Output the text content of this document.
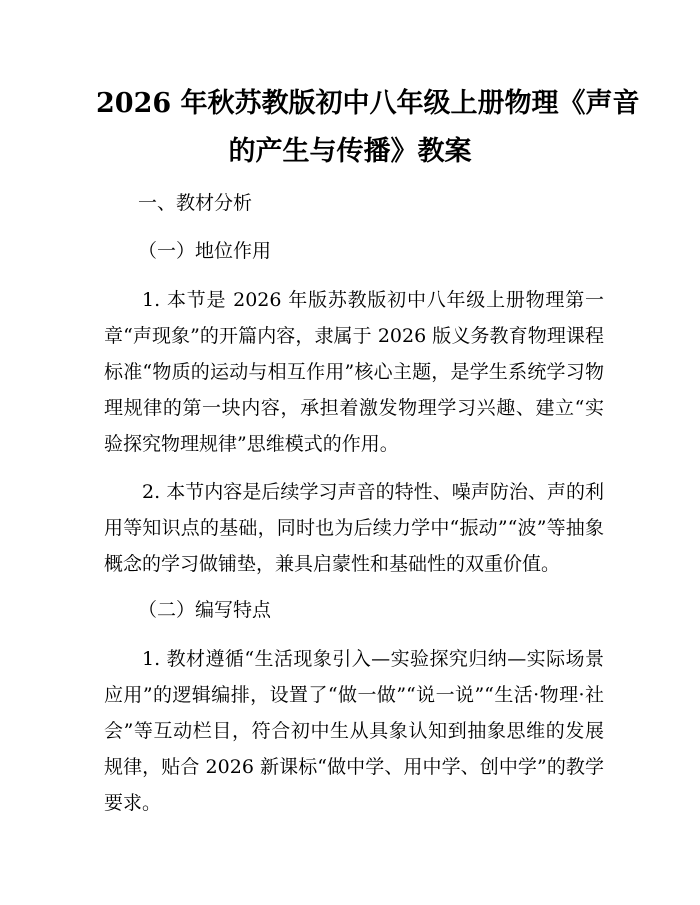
2026 年秋苏教版初中八年级上册物理《声音
的产生与传播》教案
一、教材分析
（一）地位作用
1. 本节是 2026 年版苏教版初中八年级上册物理第一章“声现象”的开篇内容，隶属于 2026 版义务教育物理课程标准“物质的运动与相互作用”核心主题，是学生系统学习物理规律的第一块内容，承担着激发物理学习兴趣、建立“实验探究物理规律”思维模式的作用。
2. 本节内容是后续学习声音的特性、噪声防治、声的利用等知识点的基础，同时也为后续力学中“振动”“波”等抽象概念的学习做铺垫，兼具启蒙性和基础性的双重价值。
（二）编写特点
1. 教材遵循“生活现象引入—实验探究归纳—实际场景应用”的逻辑编排，设置了“做一做”“说一说”“生活·物理·社会”等互动栏目，符合初中生从具象认知到抽象思维的发展规律，贴合 2026 新课标“做中学、用中学、创中学”的教学要求。
